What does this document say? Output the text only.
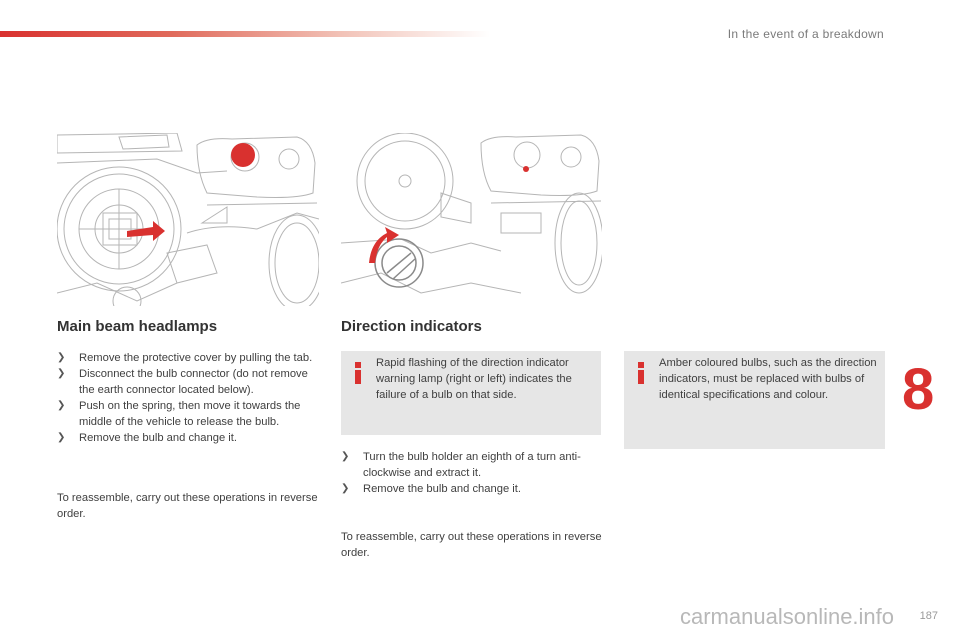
In the event of a breakdown
8
Main beam headlamps
❯ Remove the protective cover by pulling the tab.
❯ Disconnect the bulb connector (do not remove the earth connector located below).
❯ Push on the spring, then move it towards the middle of the vehicle to release the bulb.
❯ Remove the bulb and change it.

To reassemble, carry out these operations in reverse order.

Direction indicators

Rapid flashing of the direction indicator warning lamp (right or left) indicates the failure of a bulb on that side.

❯ Turn the bulb holder an eighth of a turn anti-clockwise and extract it.
❯ Remove the bulb and change it.

To reassemble, carry out these operations in reverse order.

Amber coloured bulbs, such as the direction indicators, must be replaced with bulbs of identical specifications and colour.

carmanualsonline.info 187
